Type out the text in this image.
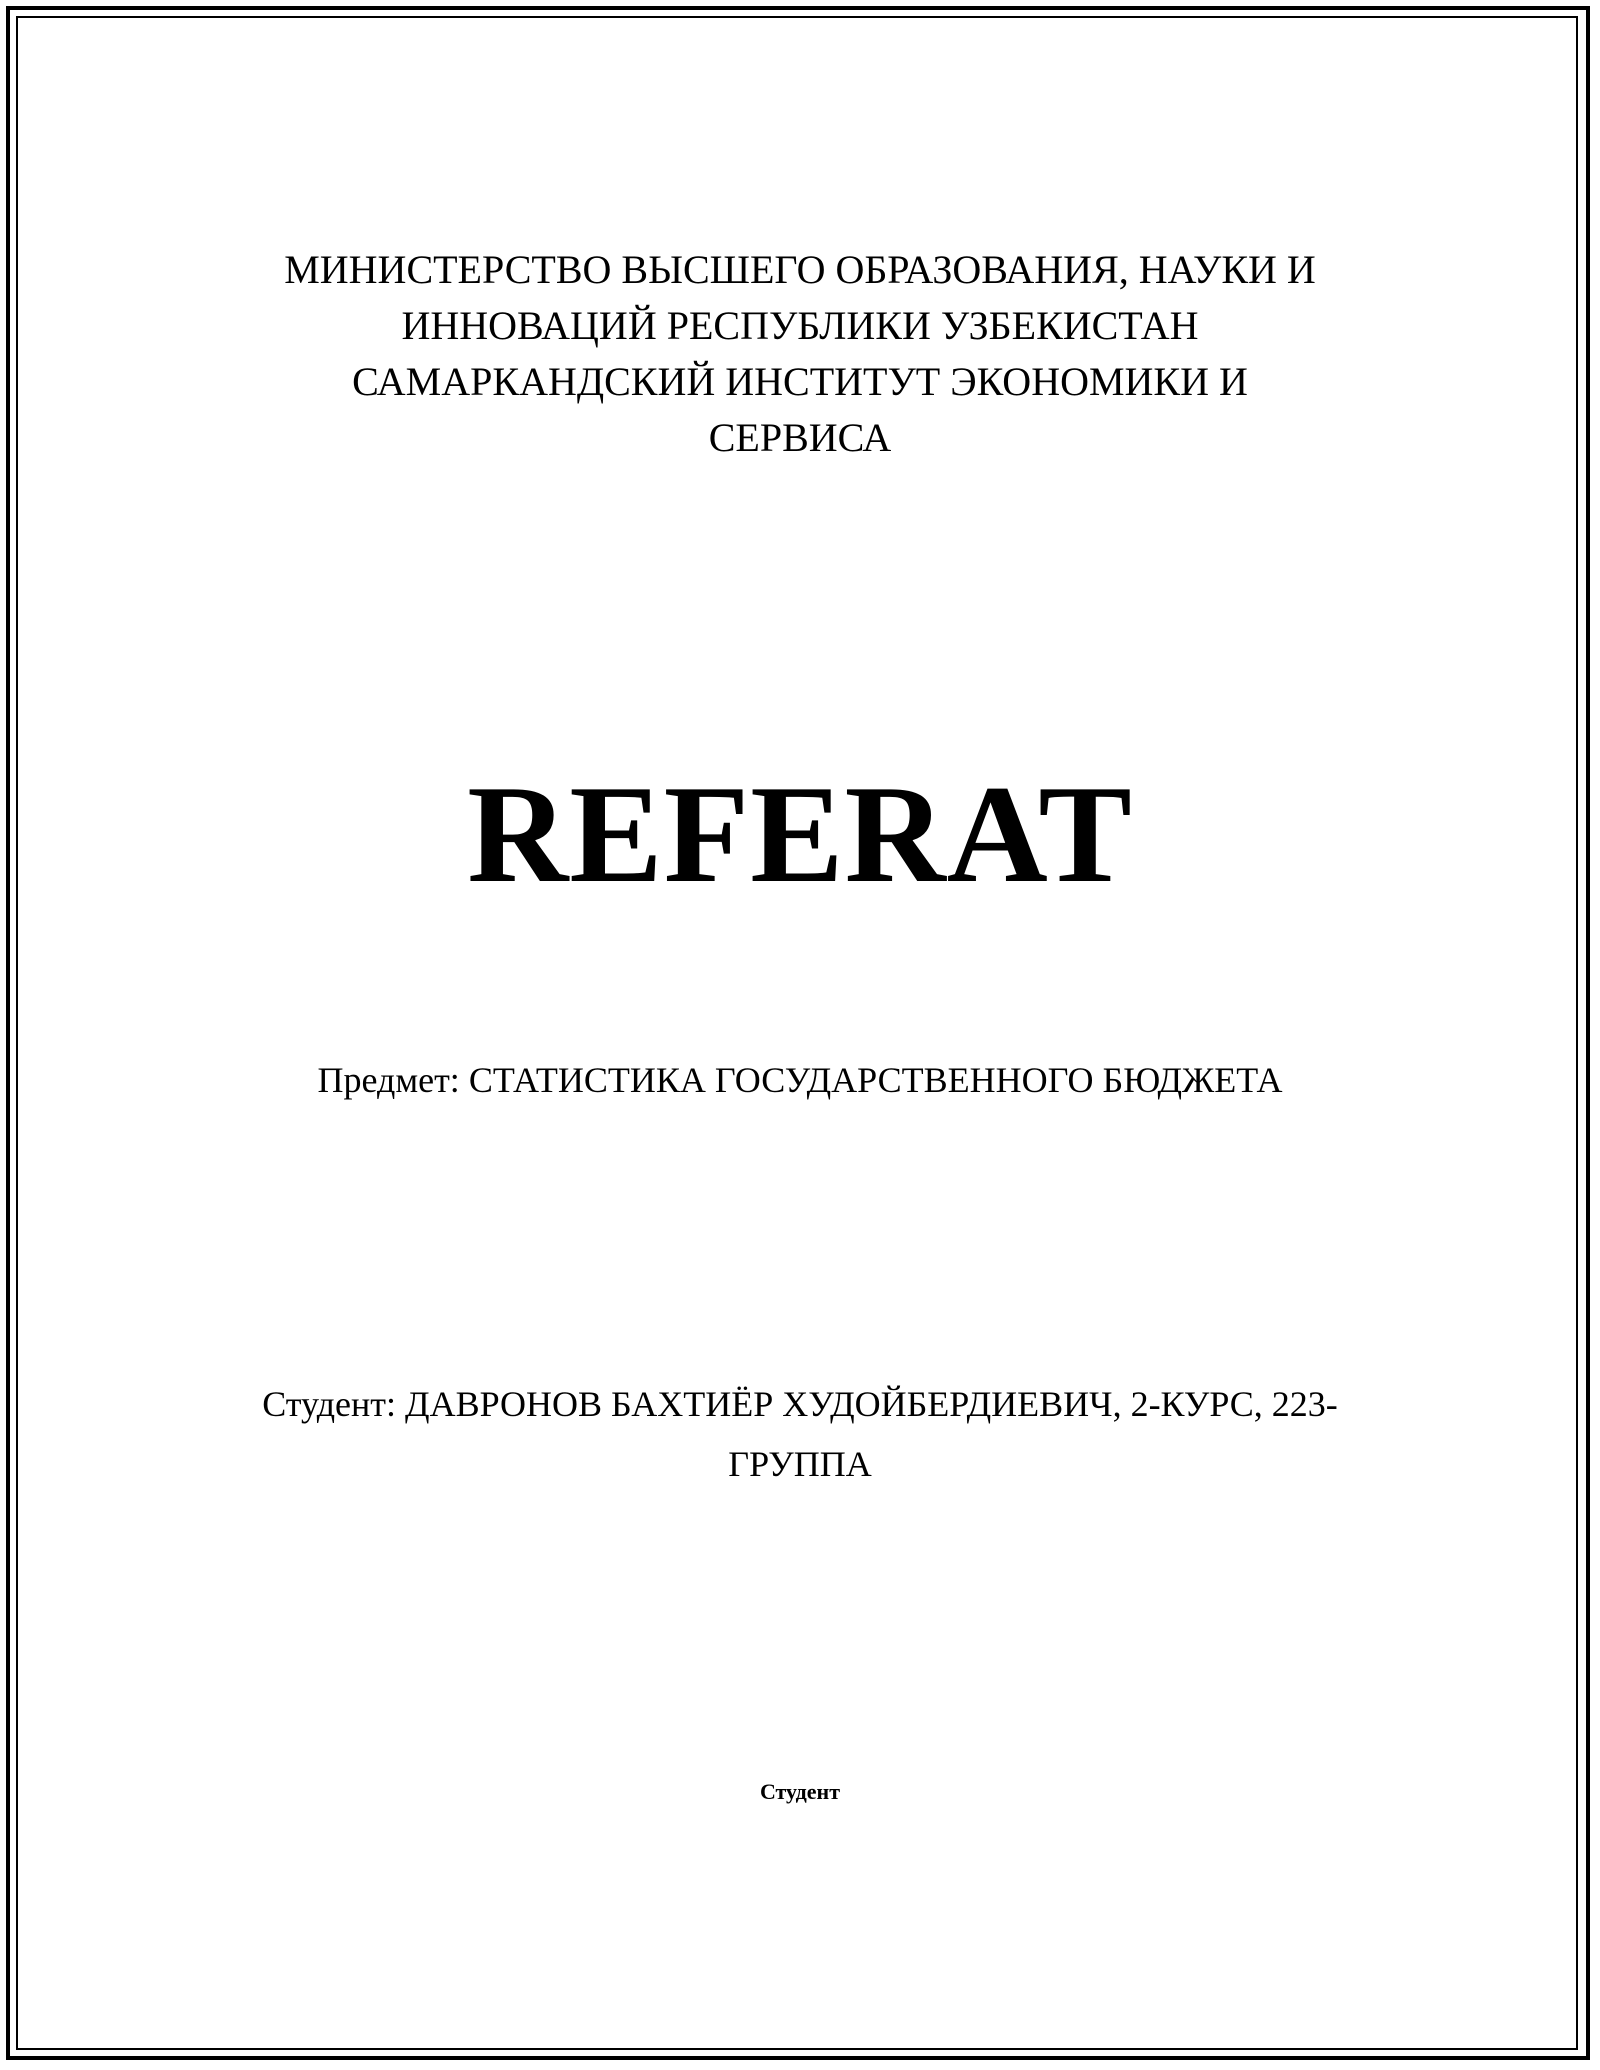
МИНИСТЕРСТВО ВЫСШЕГО ОБРАЗОВАНИЯ, НАУКИ И
ИННОВАЦИЙ РЕСПУБЛИКИ УЗБЕКИСТАН
САМАРКАНДСКИЙ ИНСТИТУТ ЭКОНОМИКИ И
СЕРВИСА
REFERAT
Предмет: СТАТИСТИКА ГОСУДАРСТВЕННОГО БЮДЖЕТА
Студент: ДАВРОНОВ БАХТИЁР ХУДОЙБЕРДИЕВИЧ, 2-КУРС, 223-
ГРУППА
Студент
